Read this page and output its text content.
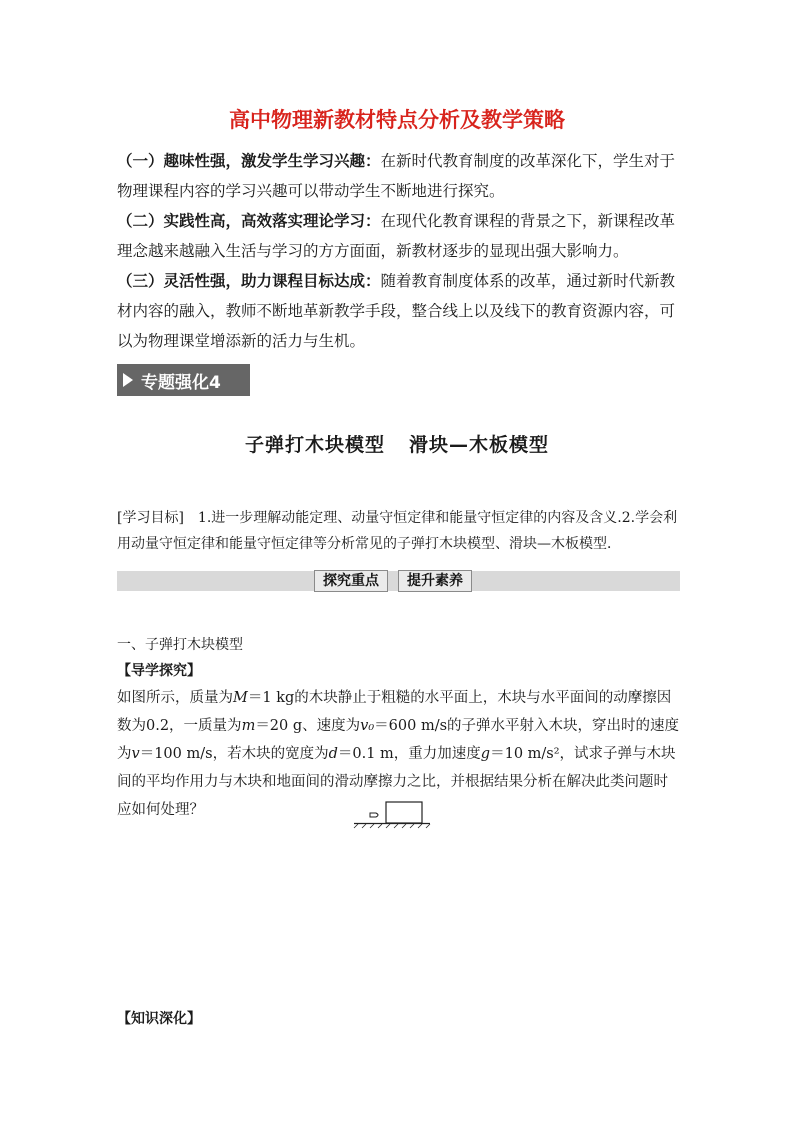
高中物理新教材特点分析及教学策略

（一）趣味性强，激发学生学习兴趣：在新时代教育制度的改革深化下，学生对于物理课程内容的学习兴趣可以带动学生不断地进行探究。

（二）实践性高，高效落实理论学习：在现代化教育课程的背景之下，新课程改革理念越来越融入生活与学习的方方面面，新教材逐步的显现出强大影响力。

（三）灵活性强，助力课程目标达成：随着教育制度体系的改革，通过新时代新教材内容的融入，教师不断地革新教学手段，整合线上以及线下的教育资源内容，可以为物理课堂增添新的活力与生机。

专题强化4
子弹打木块模型 滑块—木板模型
[学习目标]　1.进一步理解动能定理、动量守恒定律和能量守恒定律的内容及含义.2.学会利用动量守恒定律和能量守恒定律等分析常见的子弹打木块模型、滑块—木板模型．
探究重点	提升素养
一、子弹打木块模型
【导学探究】
如图所示，质量为M＝1 kg的木块静止于粗糙的水平面上，木块与水平面间的动摩擦因数为0.2，一质量为m＝20 g、速度为v₀＝600 m/s的子弹水平射入木块，穿出时的速度为v＝100 m/s，若木块的宽度为d＝0.1 m，重力加速度g＝10 m/s²，试求子弹与木块间的平均作用力与木块和地面间的滑动摩擦力之比，并根据结果分析在解决此类问题时应如何处理？
【知识深化】
